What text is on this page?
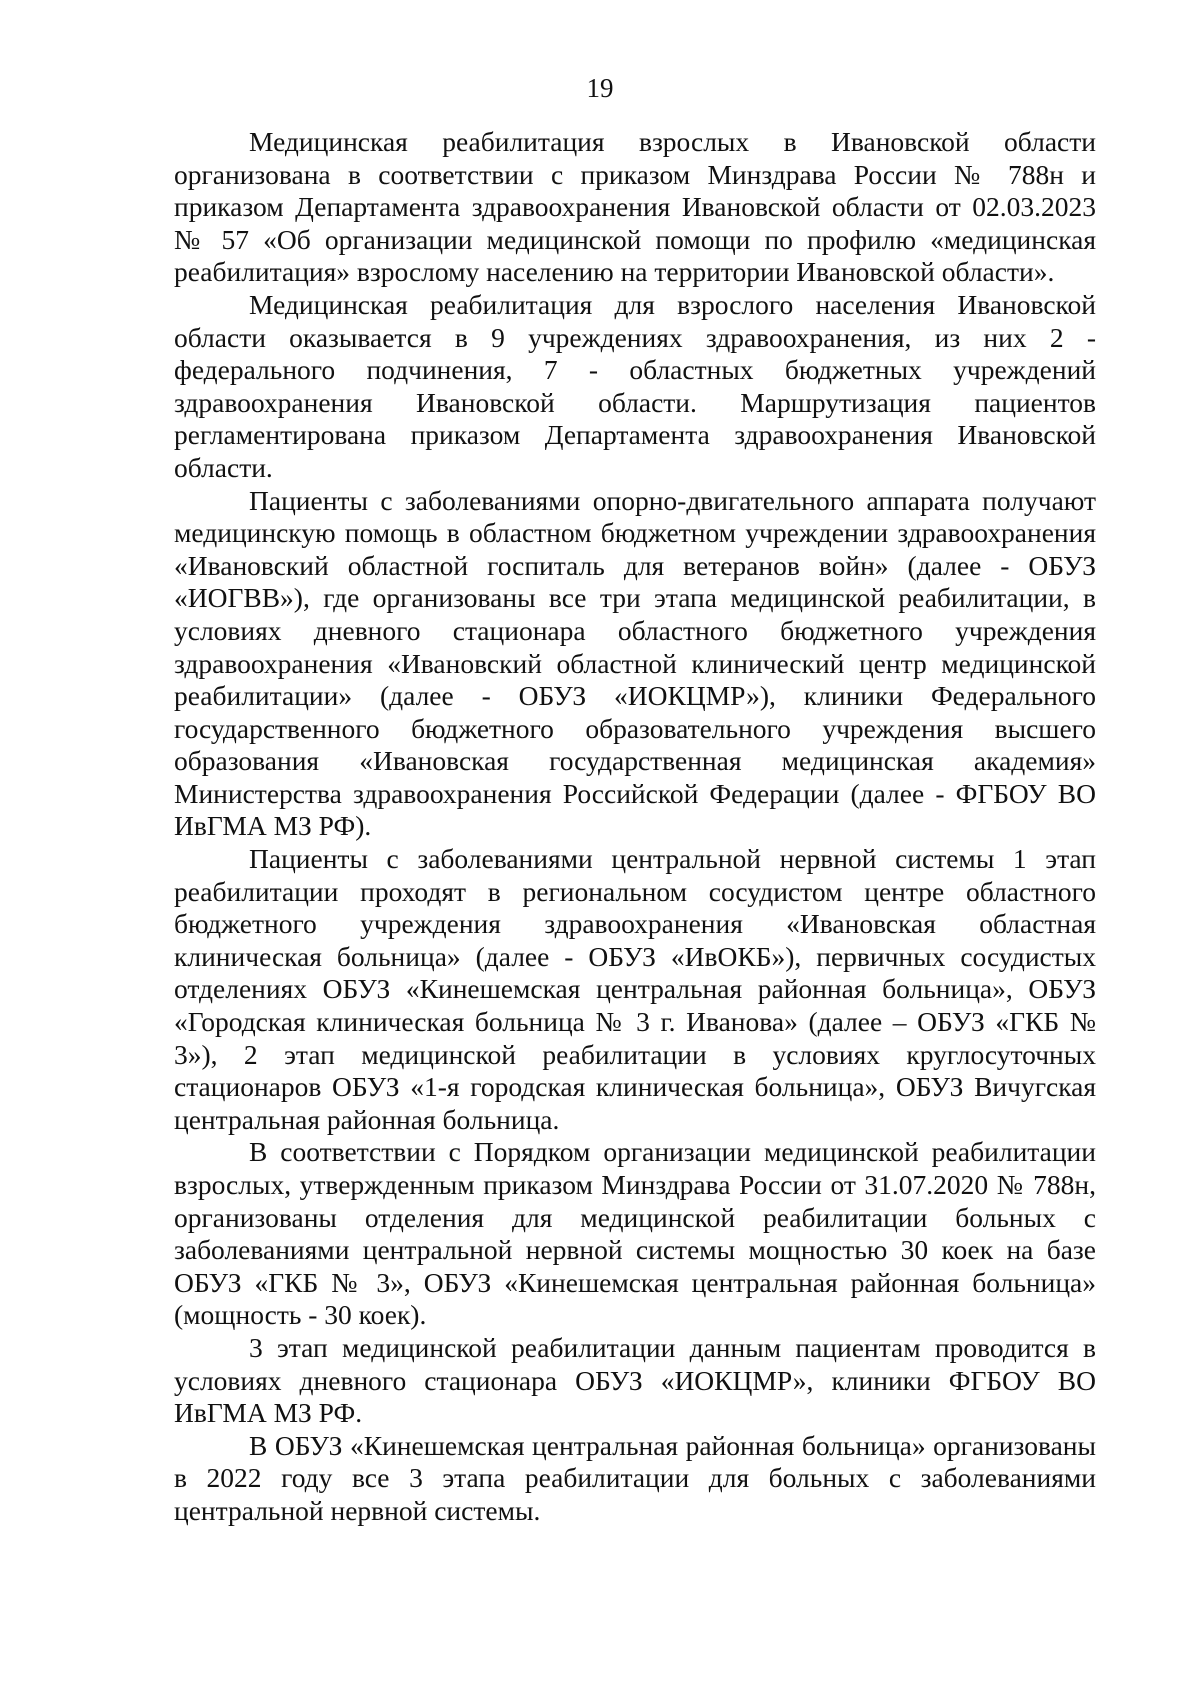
19

Медицинская реабилитация взрослых в Ивановской области организована в соответствии с приказом Минздрава России № 788н и приказом Департамента здравоохранения Ивановской области от 02.03.2023 № 57 «Об организации медицинской помощи по профилю «медицинская реабилитация» взрослому населению на территории Ивановской области».

Медицинская реабилитация для взрослого населения Ивановской области оказывается в 9 учреждениях здравоохранения, из них 2 - федерального подчинения, 7 - областных бюджетных учреждений здравоохранения Ивановской области. Маршрутизация пациентов регламентирована приказом Департамента здравоохранения Ивановской области.

Пациенты с заболеваниями опорно-двигательного аппарата получают медицинскую помощь в областном бюджетном учреждении здравоохранения «Ивановский областной госпиталь для ветеранов войн» (далее - ОБУЗ «ИОГВВ»), где организованы все три этапа медицинской реабилитации, в условиях дневного стационара областного бюджетного учреждения здравоохранения «Ивановский областной клинический центр медицинской реабилитации» (далее - ОБУЗ «ИОКЦМР»), клиники Федерального государственного бюджетного образовательного учреждения высшего образования «Ивановская государственная медицинская академия» Министерства здравоохранения Российской Федерации (далее - ФГБОУ ВО ИвГМА МЗ РФ).

Пациенты с заболеваниями центральной нервной системы 1 этап реабилитации проходят в региональном сосудистом центре областного бюджетного учреждения здравоохранения «Ивановская областная клиническая больница» (далее - ОБУЗ «ИвОКБ»), первичных сосудистых отделениях ОБУЗ «Кинешемская центральная районная больница», ОБУЗ «Городская клиническая больница № 3 г. Иванова» (далее – ОБУЗ «ГКБ № 3»), 2 этап медицинской реабилитации в условиях круглосуточных стационаров ОБУЗ «1-я городская клиническая больница», ОБУЗ Вичугская центральная районная больница.

В соответствии с Порядком организации медицинской реабилитации взрослых, утвержденным приказом Минздрава России от 31.07.2020 № 788н, организованы отделения для медицинской реабилитации больных с заболеваниями центральной нервной системы мощностью 30 коек на базе ОБУЗ «ГКБ № 3», ОБУЗ «Кинешемская центральная районная больница» (мощность - 30 коек).

3 этап медицинской реабилитации данным пациентам проводится в условиях дневного стационара ОБУЗ «ИОКЦМР», клиники ФГБОУ ВО ИвГМА МЗ РФ.

В ОБУЗ «Кинешемская центральная районная больница» организованы в 2022 году все 3 этапа реабилитации для больных с заболеваниями центральной нервной системы.
